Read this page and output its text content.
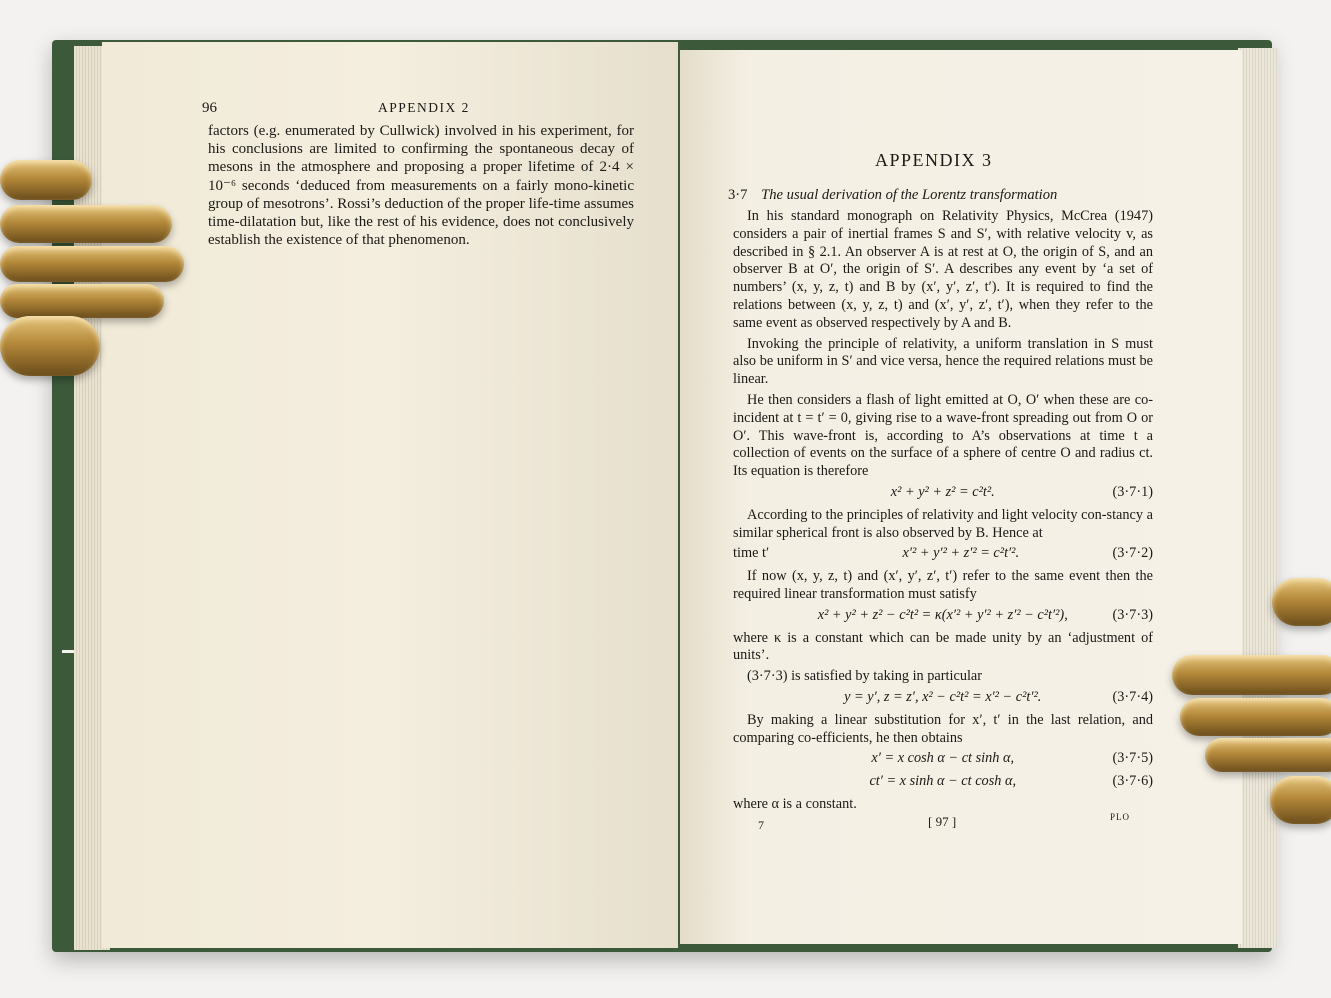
96	APPENDIX 2
factors (e.g. enumerated by Cullwick) involved in his experiment, for his conclusions are limited to confirming the spontaneous decay of mesons in the atmosphere and proposing a proper lifetime of 2·4 × 10⁻⁶ seconds ‘deduced from measurements on a fairly mono-kinetic group of mesotrons’. Rossi’s deduction of the proper life-time assumes time-dilatation but, like the rest of his evidence, does not conclusively establish the existence of that phenomenon.
APPENDIX 3
3·7 The usual derivation of the Lorentz transformation

In his standard monograph on Relativity Physics, McCrea (1947) considers a pair of inertial frames S and S′, with relative velocity v, as described in § 2.1. An observer A is at rest at O, the origin of S, and an observer B at O′, the origin of S′. A describes any event by ‘a set of numbers’ (x, y, z, t) and B by (x′, y′, z′, t′). It is required to find the relations between (x, y, z, t) and (x′, y′, z′, t′), when they refer to the same event as observed respectively by A and B.

Invoking the principle of relativity, a uniform translation in S must also be uniform in S′ and vice versa, hence the required relations must be linear.

He then considers a flash of light emitted at O, O′ when these are co-incident at t = t′ = 0, giving rise to a wave-front spreading out from O or O′. This wave-front is, according to A’s observations at time t a collection of events on the surface of a sphere of centre O and radius ct. Its equation is therefore

x² + y² + z² = c²t².	(3·7·1)

According to the principles of relativity and light velocity con-stancy a similar spherical front is also observed by B. Hence at

time t′	x′² + y′² + z′² = c²t′².	(3·7·2)

If now (x, y, z, t) and (x′, y′, z′, t′) refer to the same event then the required linear transformation must satisfy

x² + y² + z² − c²t² = κ(x′² + y′² + z′² − c²t′²),	(3·7·3)

where κ is a constant which can be made unity by an ‘adjustment of units’.

(3·7·3) is satisfied by taking in particular

y = y′, z = z′, x² − c²t² = x′² − c²t′².	(3·7·4)

By making a linear substitution for x′, t′ in the last relation, and comparing co-efficients, he then obtains

x′ = x cosh α − ct sinh α,	(3·7·5)
ct′ = x sinh α − ct cosh α,	(3·7·6)

where α is a constant.

7	[ 97 ]	PLO
